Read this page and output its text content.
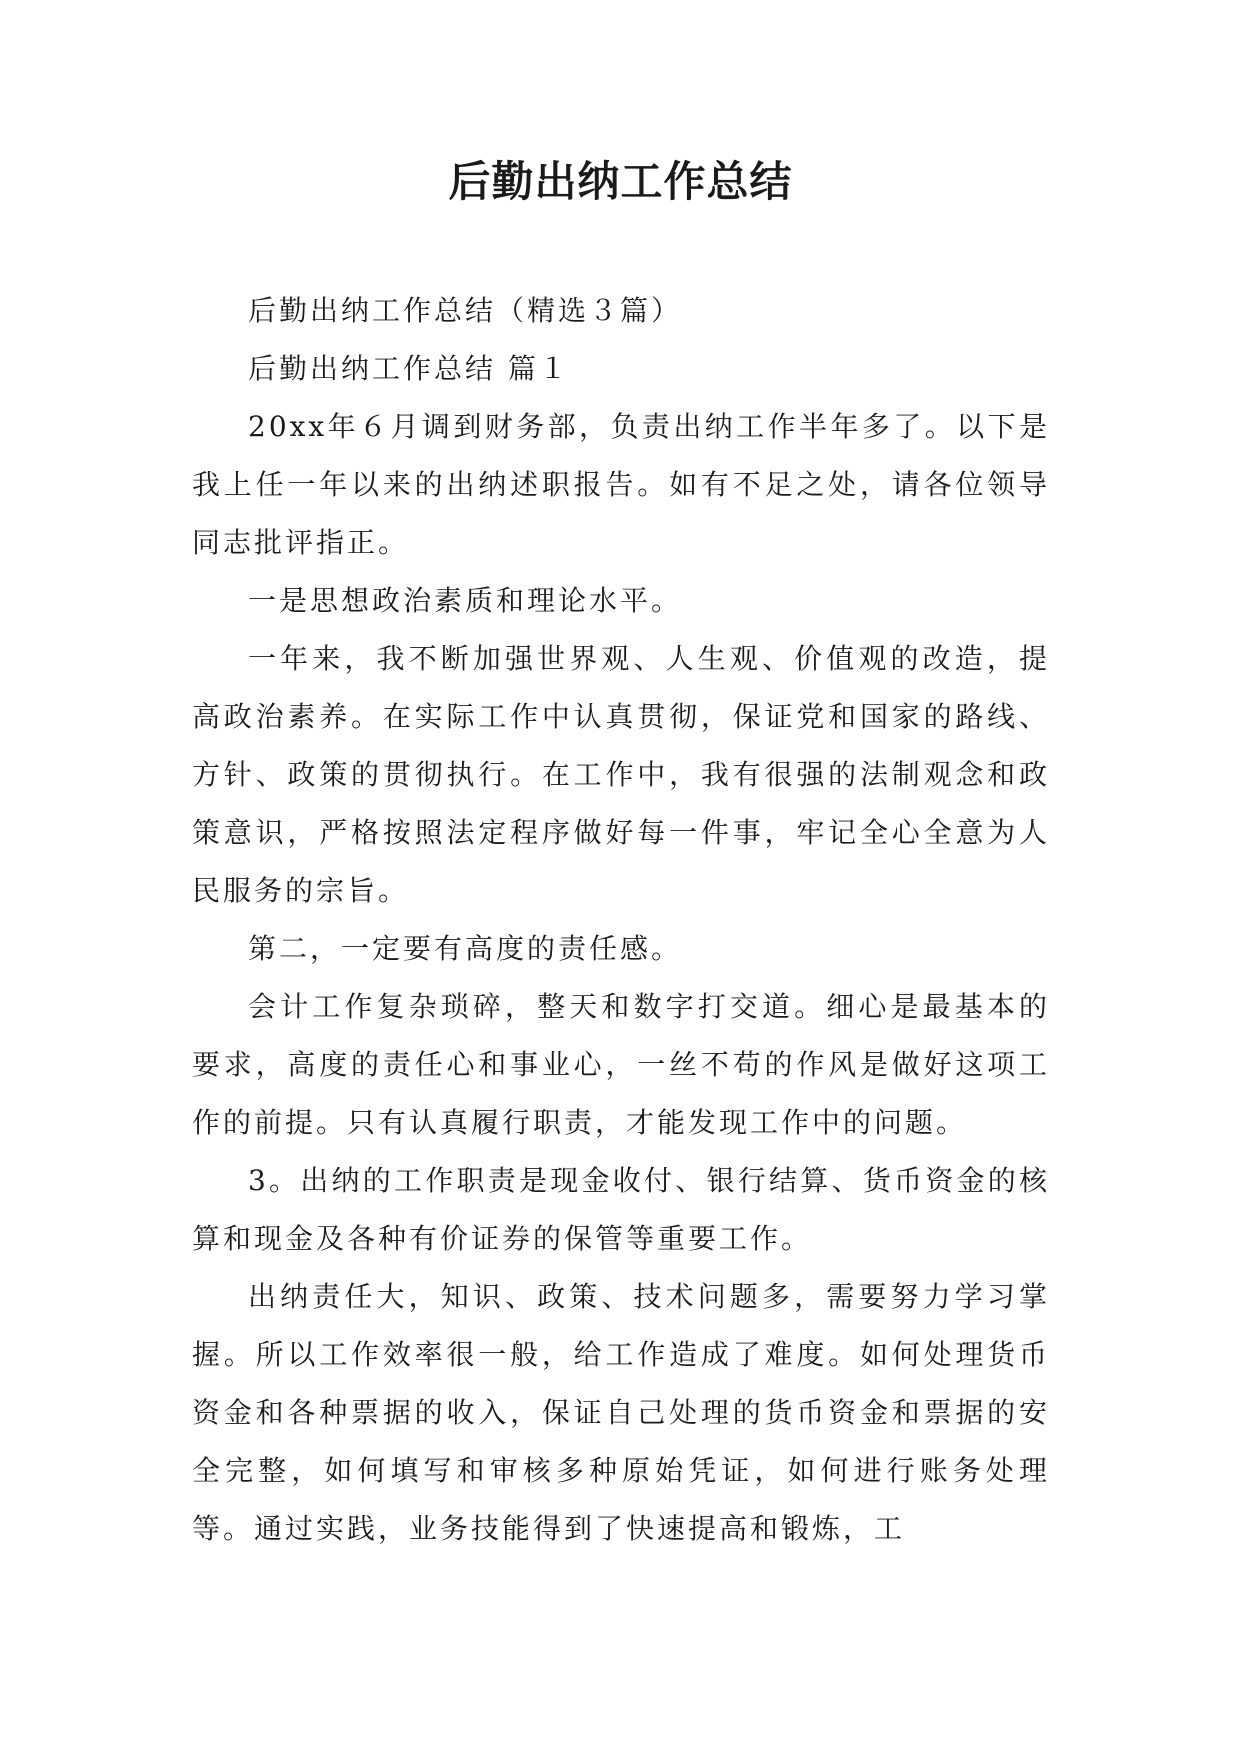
后勤出纳工作总结

后勤出纳工作总结（精选３篇）

后勤出纳工作总结 篇１

20xx年６月调到财务部，负责出纳工作半年多了。以下是我上任一年以来的出纳述职报告。如有不足之处，请各位领导同志批评指正。

一是思想政治素质和理论水平。

一年来，我不断加强世界观、人生观、价值观的改造，提高政治素养。在实际工作中认真贯彻，保证党和国家的路线、方针、政策的贯彻执行。在工作中，我有很强的法制观念和政策意识，严格按照法定程序做好每一件事，牢记全心全意为人民服务的宗旨。

第二，一定要有高度的责任感。

会计工作复杂琐碎，整天和数字打交道。细心是最基本的要求，高度的责任心和事业心，一丝不苟的作风是做好这项工作的前提。只有认真履行职责，才能发现工作中的问题。

3。出纳的工作职责是现金收付、银行结算、货币资金的核算和现金及各种有价证券的保管等重要工作。

出纳责任大，知识、政策、技术问题多，需要努力学习掌握。所以工作效率很一般，给工作造成了难度。如何处理货币资金和各种票据的收入，保证自己处理的货币资金和票据的安全完整，如何填写和审核多种原始凭证，如何进行账务处理等。通过实践，业务技能得到了快速提高和锻炼，工
